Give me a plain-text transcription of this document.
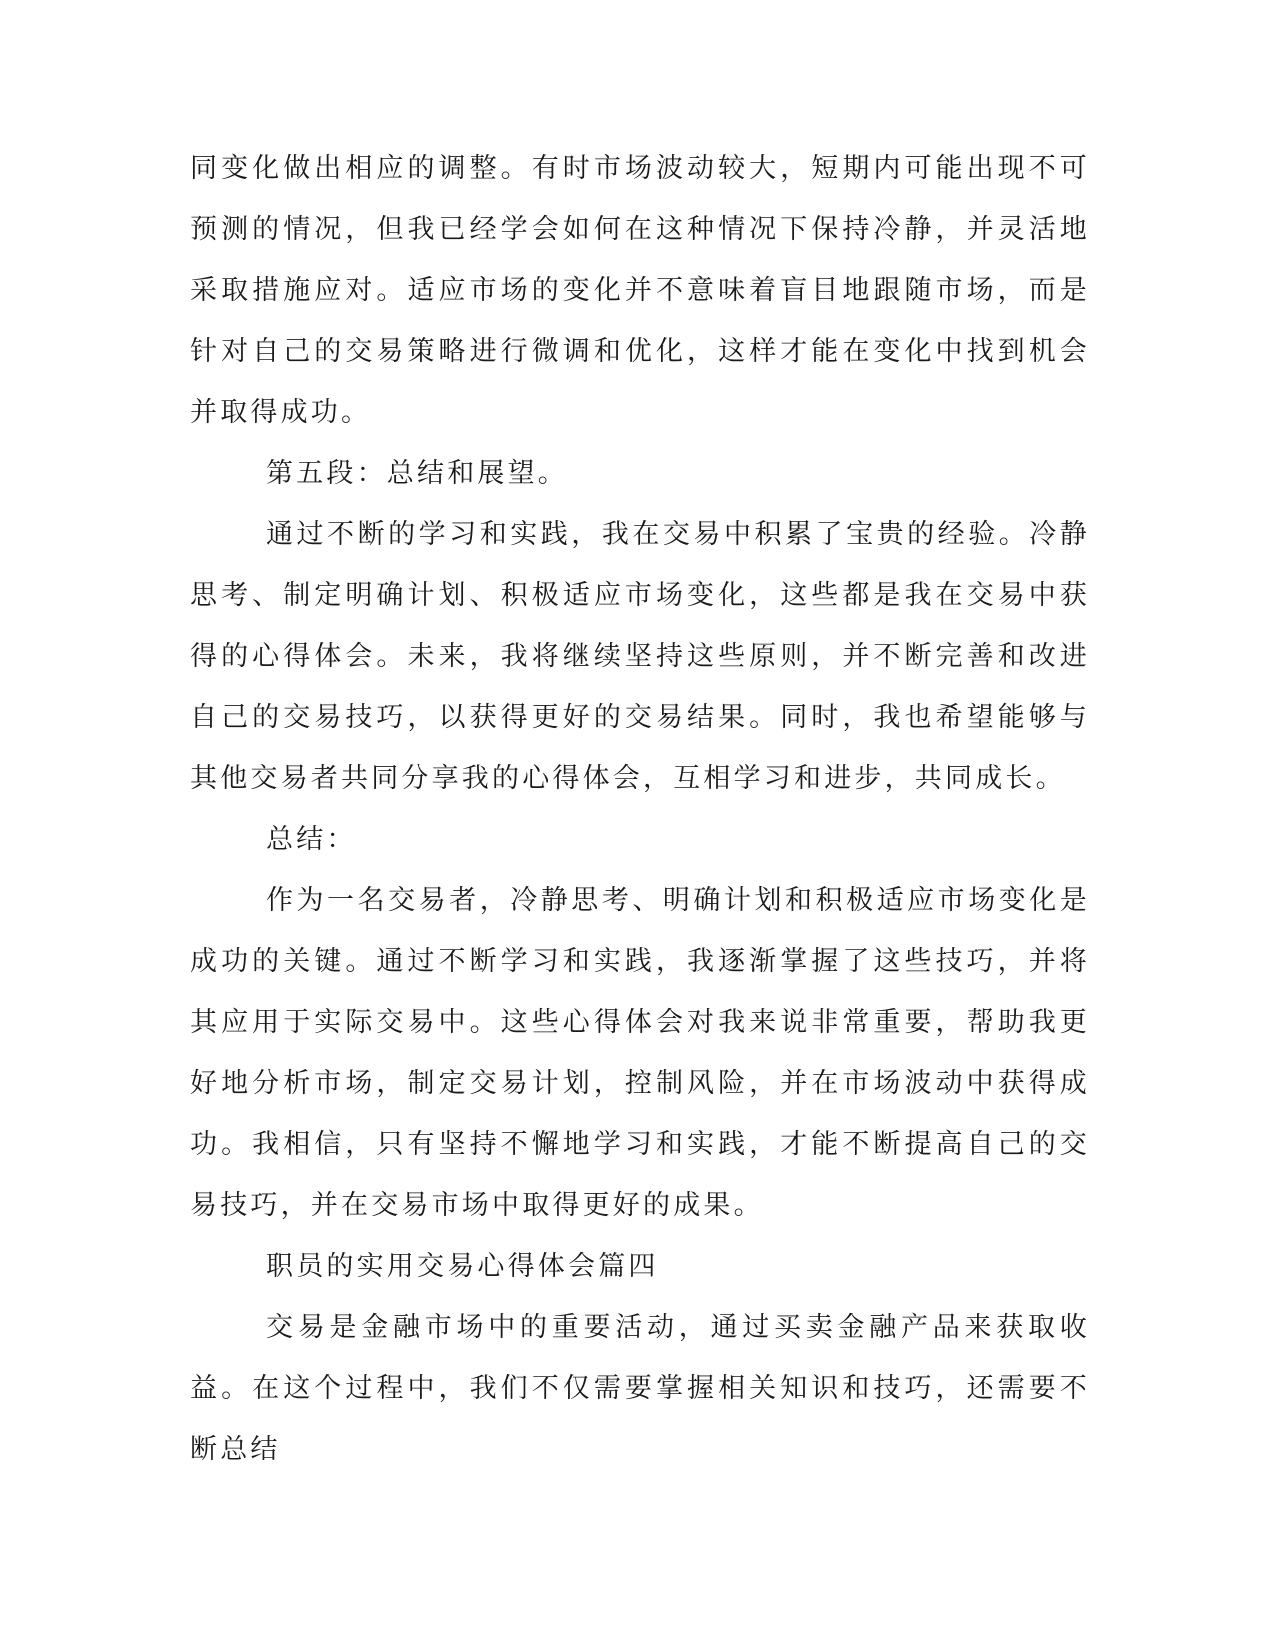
同变化做出相应的调整。有时市场波动较大，短期内可能出现不可预测的情况，但我已经学会如何在这种情况下保持冷静，并灵活地采取措施应对。适应市场的变化并不意味着盲目地跟随市场，而是针对自己的交易策略进行微调和优化，这样才能在变化中找到机会并取得成功。

第五段：总结和展望。

通过不断的学习和实践，我在交易中积累了宝贵的经验。冷静思考、制定明确计划、积极适应市场变化，这些都是我在交易中获得的心得体会。未来，我将继续坚持这些原则，并不断完善和改进自己的交易技巧，以获得更好的交易结果。同时，我也希望能够与其他交易者共同分享我的心得体会，互相学习和进步，共同成长。

总结：

作为一名交易者，冷静思考、明确计划和积极适应市场变化是成功的关键。通过不断学习和实践，我逐渐掌握了这些技巧，并将其应用于实际交易中。这些心得体会对我来说非常重要，帮助我更好地分析市场，制定交易计划，控制风险，并在市场波动中获得成功。我相信，只有坚持不懈地学习和实践，才能不断提高自己的交易技巧，并在交易市场中取得更好的成果。

职员的实用交易心得体会篇四

交易是金融市场中的重要活动，通过买卖金融产品来获取收益。在这个过程中，我们不仅需要掌握相关知识和技巧，还需要不断总结
